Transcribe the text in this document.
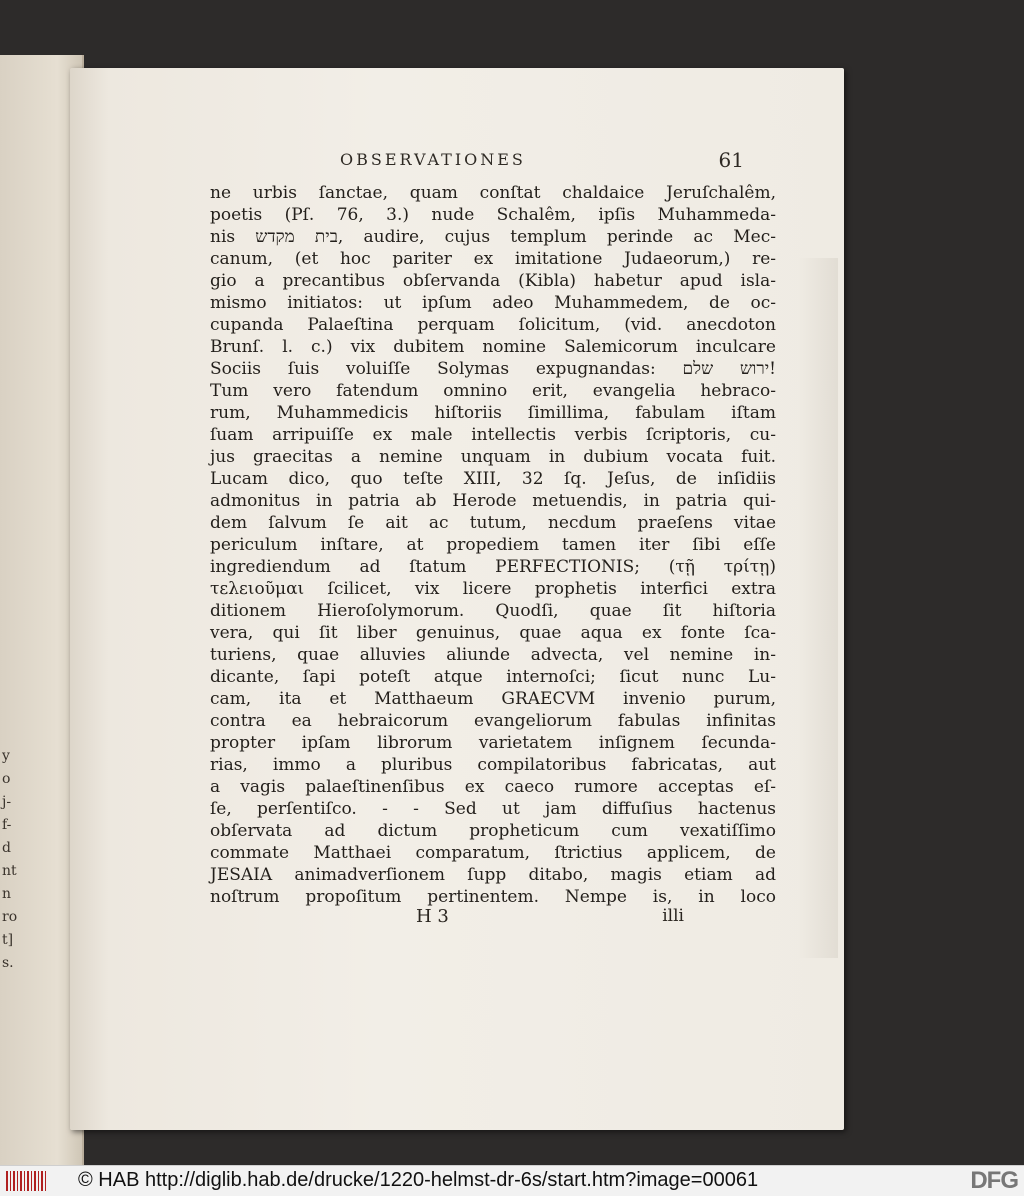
y
o
j-
f-
d
nt
n
ro
t]
s.
OBSERVATIONES	61
ne urbis ſanctae, quam conſtat chaldaice Jeruſchalêm,
poetis (Pſ. 76, 3.) nude Schalêm, ipſis Muhammeda-
nis בית מקדש, audire, cujus templum perinde ac Mec-
canum, (et hoc pariter ex imitatione Judaeorum,) re-
gio a precantibus obſervanda (Kibla) habetur apud isla-
mismo initiatos: ut ipſum adeo Muhammedem, de oc-
cupanda Palaeſtina perquam ſolicitum, (vid. anecdoton
Brunſ. l. c.) vix dubitem nomine Salemicorum inculcare
Sociis ſuis voluiſſe Solymas expugnandas: ירוש שלם!
Tum vero fatendum omnino erit, evangelia hebraco-
rum, Muhammedicis hiſtoriis ſimillima, fabulam iſtam
ſuam arripuiſſe ex male intellectis verbis ſcriptoris, cu-
jus graecitas a nemine unquam in dubium vocata fuit.
Lucam dico, quo teſte XIII, 32 ſq. Jeſus, de inſidiis
admonitus in patria ab Herode metuendis, in patria qui-
dem ſalvum ſe ait ac tutum, necdum praeſens vitae
periculum inſtare, at propediem tamen iter ſibi eſſe
ingrediendum ad ſtatum PERFECTIONIS; (τῇ τρίτῃ)
τελειοῦμαι ſcilicet, vix licere prophetis interfici extra
ditionem Hieroſolymorum. Quodſi, quae ſit hiſtoria
vera, qui ſit liber genuinus, quae aqua ex fonte ſca-
turiens, quae alluvies aliunde advecta, vel nemine in-
dicante, ſapi poteſt atque internoſci; ſicut nunc Lu-
cam, ita et Matthaeum GRAECVM invenio purum,
contra ea hebraicorum evangeliorum fabulas infinitas
propter ipſam librorum varietatem inſignem ſecunda-
rias, immo a pluribus compilatoribus fabricatas, aut
a vagis palaeſtinenſibus ex caeco rumore acceptas eſ-
ſe, perſentiſco. - - Sed ut jam diffuſius hactenus
obſervata ad dictum propheticum cum vexatiſſimo
commate Matthaei comparatum, ſtrictius applicem, de
JESAIA animadverſionem ſupp ditabo, magis etiam ad
noſtrum propoſitum pertinentem. Nempe is, in loco
H 3	illi
© HAB http://diglib.hab.de/drucke/1220-helmst-dr-6s/start.htm?image=00061	DFG
